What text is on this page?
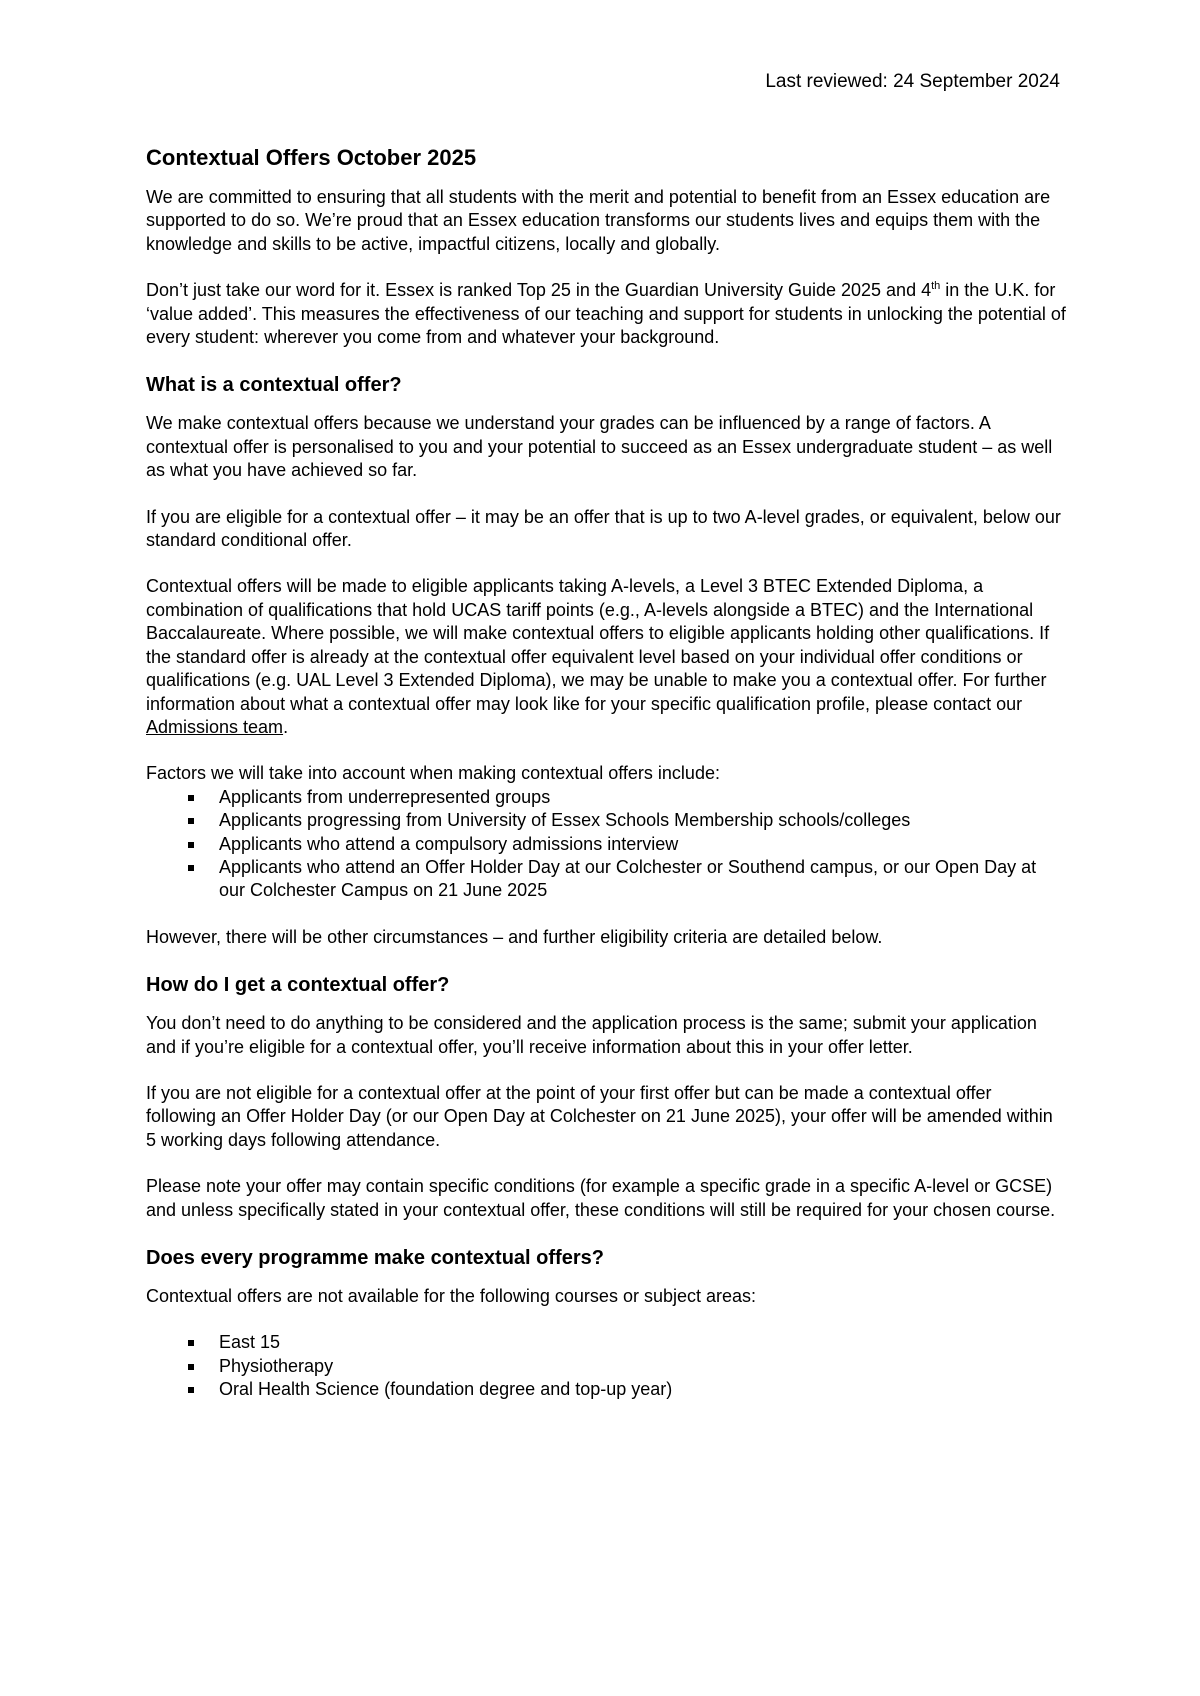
Last reviewed: 24 September 2024
Contextual Offers October 2025

We are committed to ensuring that all students with the merit and potential to benefit from an Essex education are supported to do so. We’re proud that an Essex education transforms our students lives and equips them with the knowledge and skills to be active, impactful citizens, locally and globally.

Don’t just take our word for it. Essex is ranked Top 25 in the Guardian University Guide 2025 and 4th in the U.K. for ‘value added’. This measures the effectiveness of our teaching and support for students in unlocking the potential of every student: wherever you come from and whatever your background.

What is a contextual offer?

We make contextual offers because we understand your grades can be influenced by a range of factors. A contextual offer is personalised to you and your potential to succeed as an Essex undergraduate student – as well as what you have achieved so far.

If you are eligible for a contextual offer – it may be an offer that is up to two A-level grades, or equivalent, below our standard conditional offer.

Contextual offers will be made to eligible applicants taking A-levels, a Level 3 BTEC Extended Diploma, a combination of qualifications that hold UCAS tariff points (e.g., A-levels alongside a BTEC) and the International Baccalaureate. Where possible, we will make contextual offers to eligible applicants holding other qualifications. If the standard offer is already at the contextual offer equivalent level based on your individual offer conditions or qualifications (e.g. UAL Level 3 Extended Diploma), we may be unable to make you a contextual offer. For further information about what a contextual offer may look like for your specific qualification profile, please contact our Admissions team.

Factors we will take into account when making contextual offers include:

Applicants from underrepresented groups
Applicants progressing from University of Essex Schools Membership schools/colleges
Applicants who attend a compulsory admissions interview
Applicants who attend an Offer Holder Day at our Colchester or Southend campus, or our Open Day at our Colchester Campus on 21 June 2025

However, there will be other circumstances – and further eligibility criteria are detailed below.

How do I get a contextual offer?

You don’t need to do anything to be considered and the application process is the same; submit your application and if you’re eligible for a contextual offer, you’ll receive information about this in your offer letter.

If you are not eligible for a contextual offer at the point of your first offer but can be made a contextual offer following an Offer Holder Day (or our Open Day at Colchester on 21 June 2025), your offer will be amended within 5 working days following attendance.

Please note your offer may contain specific conditions (for example a specific grade in a specific A-level or GCSE) and unless specifically stated in your contextual offer, these conditions will still be required for your chosen course.

Does every programme make contextual offers?

Contextual offers are not available for the following courses or subject areas:

East 15
Physiotherapy
Oral Health Science (foundation degree and top-up year)
